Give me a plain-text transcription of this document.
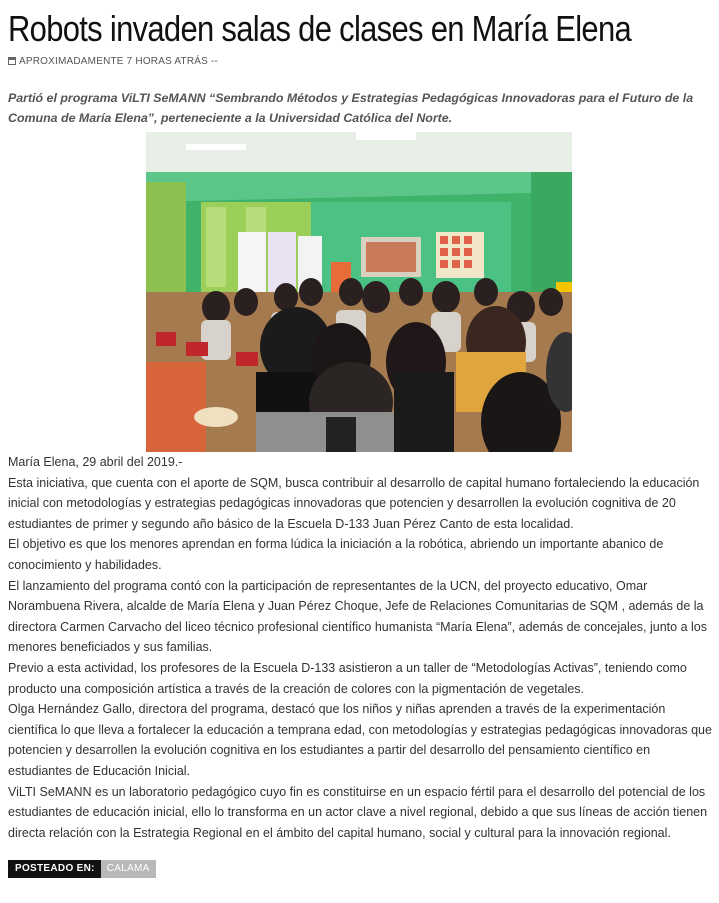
Robots invaden salas de clases en María Elena
APROXIMADAMENTE 7 HORAS ATRÁS --
Partió el programa ViLTI SeMANN “Sembrando Métodos y Estrategias Pedagógicas Innovadoras para el Futuro de la Comuna de María Elena”, perteneciente a la Universidad Católica del Norte.

María Elena, 29 abril del 2019.-

Esta iniciativa, que cuenta con el aporte de SQM, busca contribuir al desarrollo de capital humano fortaleciendo la educación inicial con metodologías y estrategias pedagógicas innovadoras que potencien y desarrollen la evolución cognitiva de 20 estudiantes de primer y segundo año básico de la Escuela D-133 Juan Pérez Canto de esta localidad.

El objetivo es que los menores aprendan en forma lúdica la iniciación a la robótica, abriendo un importante abanico de conocimiento y habilidades.

El lanzamiento del programa contó con la participación de representantes de la UCN, del proyecto educativo, Omar Norambuena Rivera, alcalde de María Elena y Juan Pérez Choque, Jefe de Relaciones Comunitarias de SQM , además de la directora Carmen Carvacho del liceo técnico profesional científico humanista “María Elena”, además de concejales, junto a los menores beneficiados y sus familias.

Previo a esta actividad, los profesores de la Escuela D-133 asistieron a un taller de “Metodologías Activas”, teniendo como producto una composición artística a través de la creación de colores con la pigmentación de vegetales.

Olga Hernández Gallo, directora del programa, destacó que los niños y niñas aprenden a través de la experimentación científica lo que lleva a fortalecer la educación a temprana edad, con metodologías y estrategias pedagógicas innovadoras que potencien y desarrollen la evolución cognitiva en los estudiantes a partir del desarrollo del pensamiento científico en estudiantes de Educación Inicial.

ViLTI SeMANN es un laboratorio pedagógico cuyo fin es constituirse en un espacio fértil para el desarrollo del potencial de los estudiantes de educación inicial, ello lo transforma en un actor clave a nivel regional, debido a que sus líneas de acción tienen directa relación con la Estrategia Regional en el ámbito del capital humano, social y cultural para la innovación regional.

POSTEADO EN:	CALAMA
